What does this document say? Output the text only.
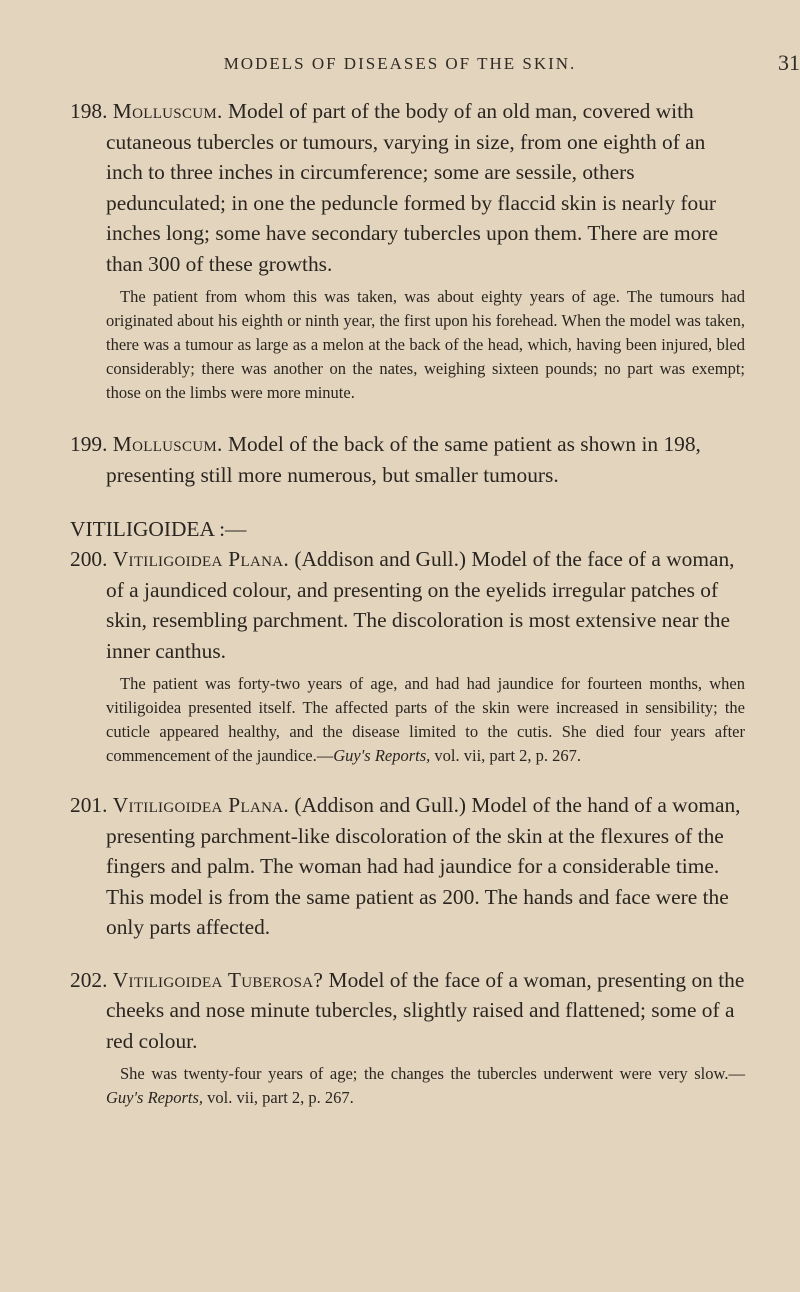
MODELS OF DISEASES OF THE SKIN.	31

198. Molluscum. Model of part of the body of an old man, covered with cutaneous tubercles or tumours, varying in size, from one eighth of an inch to three inches in circumference; some are sessile, others pedunculated; in one the peduncle formed by flaccid skin is nearly four inches long; some have secondary tubercles upon them. There are more than 300 of these growths.

The patient from whom this was taken, was about eighty years of age. The tumours had originated about his eighth or ninth year, the first upon his forehead. When the model was taken, there was a tumour as large as a melon at the back of the head, which, having been injured, bled considerably; there was another on the nates, weighing sixteen pounds; no part was exempt; those on the limbs were more minute.

199. Molluscum. Model of the back of the same patient as shown in 198, presenting still more numerous, but smaller tumours.

VITILIGOIDEA :—

200. Vitiligoidea Plana. (Addison and Gull.) Model of the face of a woman, of a jaundiced colour, and presenting on the eyelids irregular patches of skin, resembling parchment. The discoloration is most extensive near the inner canthus.

The patient was forty-two years of age, and had had jaundice for fourteen months, when vitiligoidea presented itself. The affected parts of the skin were increased in sensibility; the cuticle appeared healthy, and the disease limited to the cutis. She died four years after commencement of the jaundice.—Guy's Reports, vol. vii, part 2, p. 267.

201. Vitiligoidea Plana. (Addison and Gull.) Model of the hand of a woman, presenting parchment-like discoloration of the skin at the flexures of the fingers and palm. The woman had had jaundice for a considerable time. This model is from the same patient as 200. The hands and face were the only parts affected.

202. Vitiligoidea Tuberosa? Model of the face of a woman, presenting on the cheeks and nose minute tubercles, slightly raised and flattened; some of a red colour.

She was twenty-four years of age; the changes the tubercles underwent were very slow.—Guy's Reports, vol. vii, part 2, p. 267.
